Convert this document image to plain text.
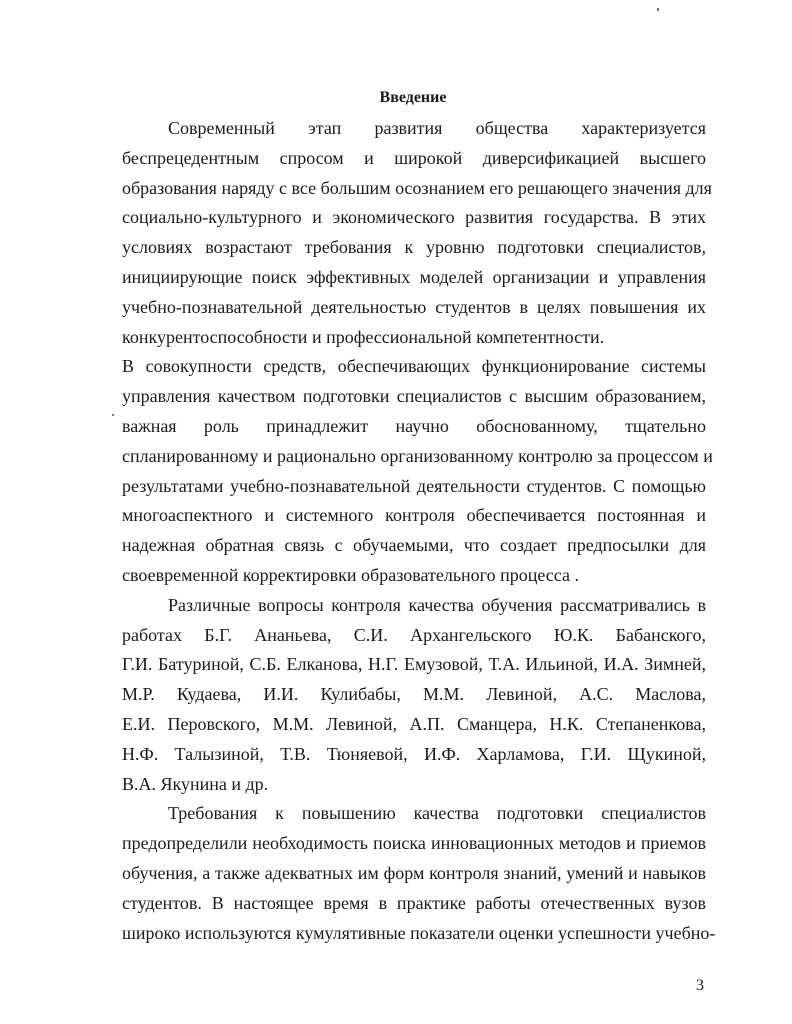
Введение
Современный этап развития общества характеризуется
беспрецедентным спросом и широкой диверсификацией высшего
образования наряду с все большим осознанием его решающего значения для
социально-культурного и экономического развития государства. В этих
условиях возрастают требования к уровню подготовки специалистов,
инициирующие поиск эффективных моделей организации и управления
учебно-познавательной деятельностью студентов в целях повышения их
конкурентоспособности и профессиональной компетентности.
В совокупности средств, обеспечивающих функционирование системы
управления качеством подготовки специалистов с высшим образованием,
важная роль принадлежит научно обоснованному, тщательно
спланированному и рационально организованному контролю за процессом и
результатами учебно-познавательной деятельности студентов. С помощью
многоаспектного и системного контроля обеспечивается постоянная и
надежная обратная связь с обучаемыми, что создает предпосылки для
своевременной корректировки образовательного процесса .
Различные вопросы контроля качества обучения рассматривались в
работах Б.Г. Ананьева, С.И. Архангельского Ю.К. Бабанского,
Г.И. Батуриной, С.Б. Елканова, Н.Г. Емузовой, Т.А. Ильиной, И.А. Зимней,
М.Р. Кудаева, И.И. Кулибабы, М.М. Левиной, А.С. Маслова,
Е.И. Перовского, М.М. Левиной, А.П. Сманцера, Н.К. Степаненкова,
Н.Ф. Талызиной, Т.В. Тюняевой, И.Ф. Харламова, Г.И. Щукиной,
В.А. Якунина и др.
Требования к повышению качества подготовки специалистов
предопределили необходимость поиска инновационных методов и приемов
обучения, а также адекватных им форм контроля знаний, умений и навыков
студентов. В настоящее время в практике работы отечественных вузов
широко используются кумулятивные показатели оценки успешности учебно-
3
